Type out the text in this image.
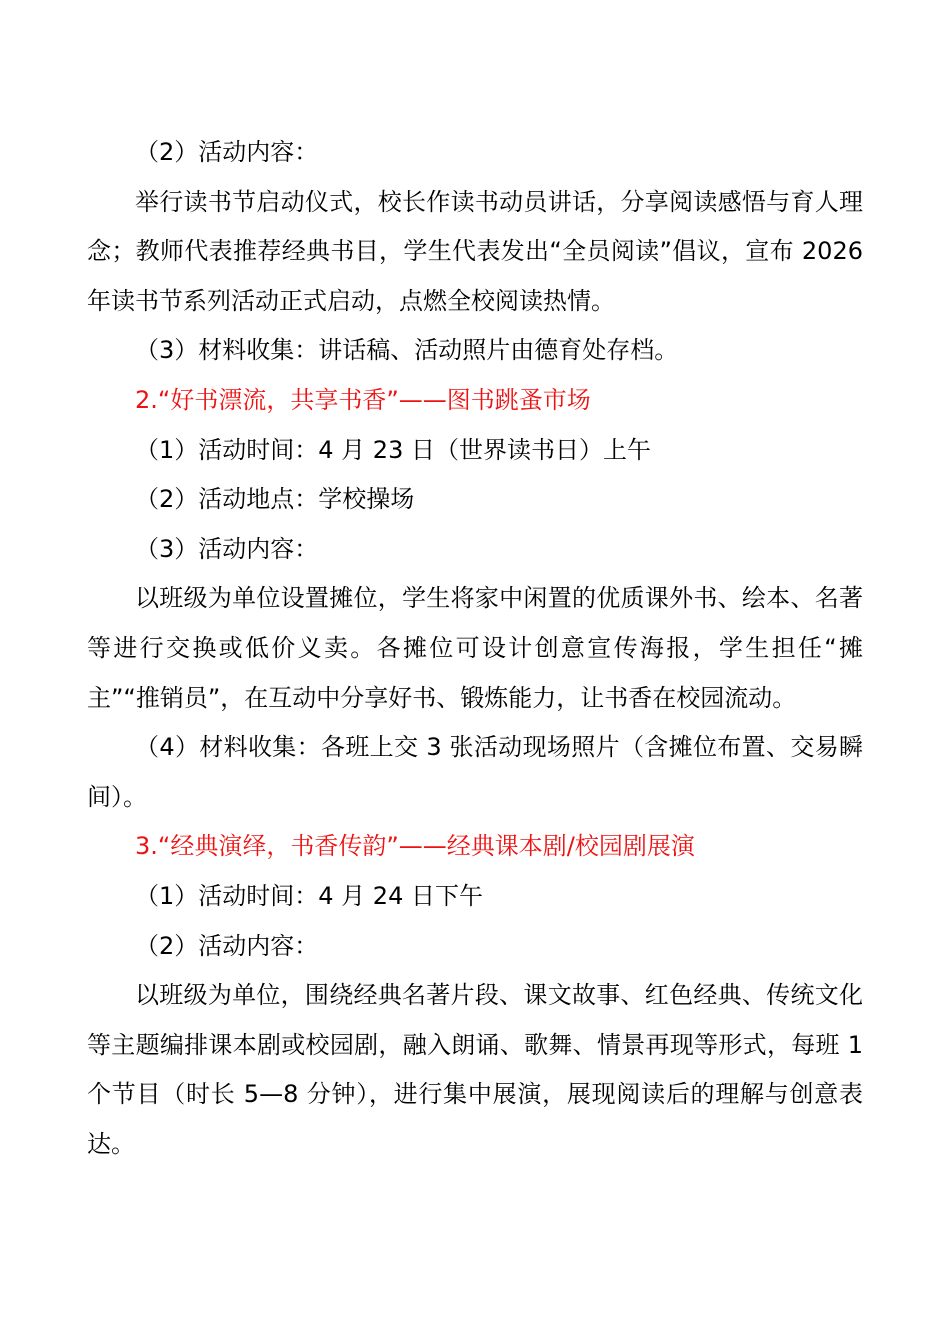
（2）活动内容：

举行读书节启动仪式，校长作读书动员讲话，分享阅读感悟与育人理念；教师代表推荐经典书目，学生代表发出“全员阅读”倡议，宣布 2026 年读书节系列活动正式启动，点燃全校阅读热情。

（3）材料收集：讲话稿、活动照片由德育处存档。

2.“好书漂流，共享书香”——图书跳蚤市场

（1）活动时间：4 月 23 日（世界读书日）上午

（2）活动地点：学校操场

（3）活动内容：

以班级为单位设置摊位，学生将家中闲置的优质课外书、绘本、名著等进行交换或低价义卖。各摊位可设计创意宣传海报，学生担任“摊主”“推销员”，在互动中分享好书、锻炼能力，让书香在校园流动。

（4）材料收集：各班上交 3 张活动现场照片（含摊位布置、交易瞬间）。

3.“经典演绎，书香传韵”——经典课本剧/校园剧展演

（1）活动时间：4 月 24 日下午

（2）活动内容：

以班级为单位，围绕经典名著片段、课文故事、红色经典、传统文化等主题编排课本剧或校园剧，融入朗诵、歌舞、情景再现等形式，每班 1 个节目（时长 5—8 分钟），进行集中展演，展现阅读后的理解与创意表达。
